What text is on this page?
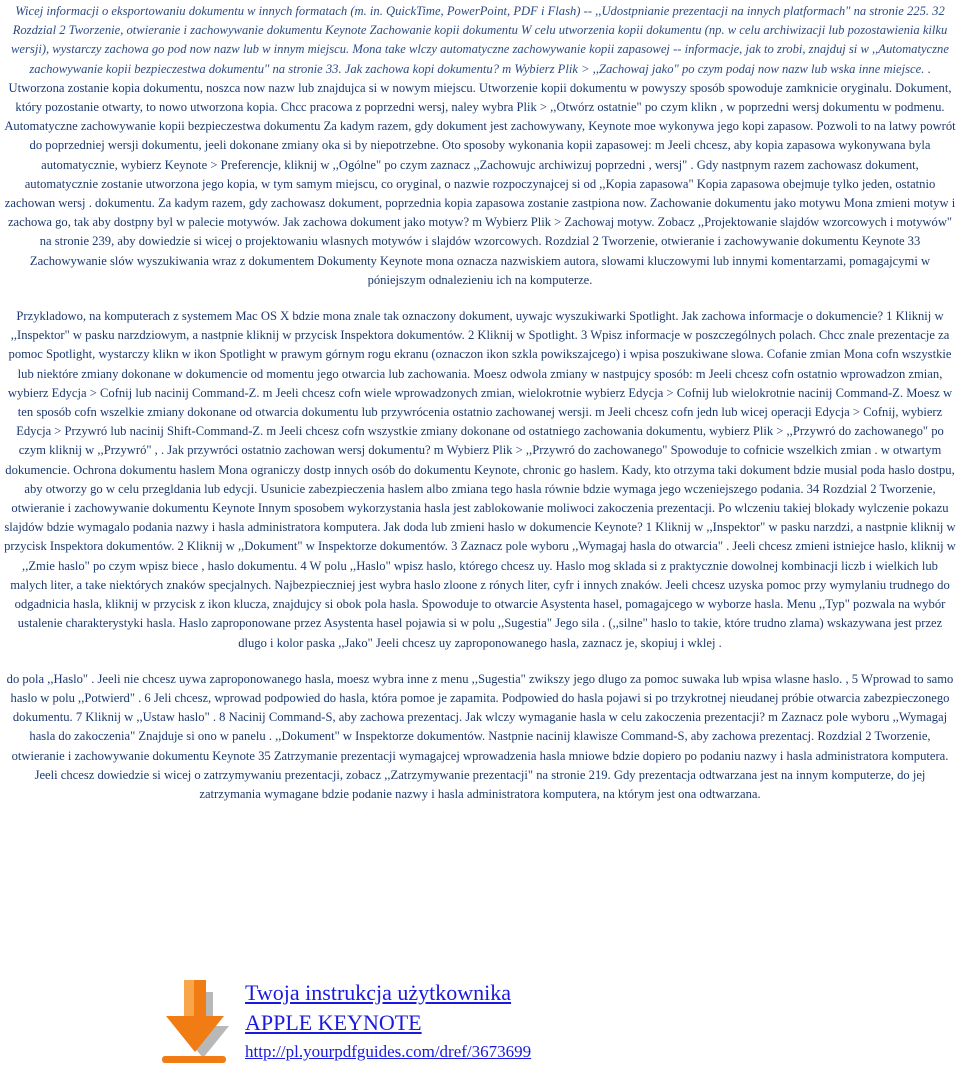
Wicej informacji o eksportowaniu dokumentu w innych formatach (m. in. QuickTime, PowerPoint, PDF i Flash) -- ,,Udostpnianie prezentacji na innych platformach" na stronie 225. 32 Rozdzial 2 Tworzenie, otwieranie i zachowywanie dokumentu Keynote Zachowanie kopii dokumentu W celu utworzenia kopii dokumentu (np. w celu archiwizacji lub pozostawienia kilku wersji), wystarczy zachowa go pod now nazw lub w innym miejscu. Mona take wlczy automatyczne zachowywanie kopii zapasowej -- informacje, jak to zrobi, znajduj si w ,,Automatyczne zachowywanie kopii bezpieczestwa dokumentu" na stronie 33. Jak zachowa kopi dokumentu? m Wybierz Plik > ,,Zachowaj jako" po czym podaj now nazw lub wska inne miejsce. . Utworzona zostanie kopia dokumentu, noszca now nazw lub znajdujca si w nowym miejscu. Utworzenie kopii dokumentu w powyszy sposób spowoduje zamknicie oryginalu. Dokument, który pozostanie otwarty, to nowo utworzona kopia. Chcc pracowa z poprzedni wersj, naley wybra Plik > ,,Otwórz ostatnie" po czym klikn , w poprzedni wersj dokumentu w podmenu. Automatyczne zachowywanie kopii bezpieczestwa dokumentu Za kadym razem, gdy dokument jest zachowywany, Keynote moe wykonywa jego kopi zapasow. Pozwoli to na latwy powrót do poprzedniej wersji dokumentu, jeeli dokonane zmiany oka si by niepotrzebne. Oto sposoby wykonania kopii zapasowej: m Jeeli chcesz, aby kopia zapasowa wykonywana byla automatycznie, wybierz Keynote > Preferencje, kliknij w ,,Ogólne" po czym zaznacz ,,Zachowujc archiwizuj poprzedni , wersj" . Gdy nastpnym razem zachowasz dokument, automatycznie zostanie utworzona jego kopia, w tym samym miejscu, co oryginal, o nazwie rozpoczynajcej si od ,,Kopia zapasowa" Kopia zapasowa obejmuje tylko jeden, ostatnio zachowan wersj . dokumentu. Za kadym razem, gdy zachowasz dokument, poprzednia kopia zapasowa zostanie zastpiona now. Zachowanie dokumentu jako motywu Mona zmieni motyw i zachowa go, tak aby dostpny byl w palecie motywów. Jak zachowa dokument jako motyw? m Wybierz Plik > Zachowaj motyw. Zobacz ,,Projektowanie slajdów wzorcowych i motywów" na stronie 239, aby dowiedzie si wicej o projektowaniu wlasnych motywów i slajdów wzorcowych. Rozdzial 2 Tworzenie, otwieranie i zachowywanie dokumentu Keynote 33 Zachowywanie slów wyszukiwania wraz z dokumentem Dokumenty Keynote mona oznacza nazwiskiem autora, slowami kluczowymi lub innymi komentarzami, pomagajcymi w póniejszym odnalezieniu ich na komputerze.

Przykladowo, na komputerach z systemem Mac OS X bdzie mona znale tak oznaczony dokument, uywajc wyszukiwarki Spotlight. Jak zachowa informacje o dokumencie? 1 Kliknij w ,,Inspektor" w pasku narzdziowym, a nastpnie kliknij w przycisk Inspektora dokumentów. 2 Kliknij w Spotlight. 3 Wpisz informacje w poszczególnych polach. Chcc znale prezentacje za pomoc Spotlight, wystarczy klikn w ikon Spotlight w prawym górnym rogu ekranu (oznaczon ikon szkla powikszajcego) i wpisa poszukiwane slowa. Cofanie zmian Mona cofn wszystkie lub niektóre zmiany dokonane w dokumencie od momentu jego otwarcia lub zachowania. Moesz odwola zmiany w nastpujcy sposób: m Jeeli chcesz cofn ostatnio wprowadzon zmian, wybierz Edycja > Cofnij lub nacinij Command-Z. m Jeeli chcesz cofn wiele wprowadzonych zmian, wielokrotnie wybierz Edycja > Cofnij lub wielokrotnie nacinij Command-Z. Moesz w ten sposób cofn wszelkie zmiany dokonane od otwarcia dokumentu lub przywrócenia ostatnio zachowanej wersji. m Jeeli chcesz cofn jedn lub wicej operacji Edycja > Cofnij, wybierz Edycja > Przywró lub nacinij Shift-Command-Z. m Jeeli chcesz cofn wszystkie zmiany dokonane od ostatniego zachowania dokumentu, wybierz Plik > ,,Przywró do zachowanego" po czym kliknij w ,,Przywró" , . Jak przywróci ostatnio zachowan wersj dokumentu? m Wybierz Plik > ,,Przywró do zachowanego" Spowoduje to cofnicie wszelkich zmian . w otwartym dokumencie. Ochrona dokumentu haslem Mona ograniczy dostp innych osób do dokumentu Keynote, chronic go haslem. Kady, kto otrzyma taki dokument bdzie musial poda haslo dostpu, aby otworzy go w celu przegldania lub edycji. Usunicie zabezpieczenia haslem albo zmiana tego hasla równie bdzie wymaga jego wczeniejszego podania. 34 Rozdzial 2 Tworzenie, otwieranie i zachowywanie dokumentu Keynote Innym sposobem wykorzystania hasla jest zablokowanie moliwoci zakoczenia prezentacji. Po wlczeniu takiej blokady wylczenie pokazu slajdów bdzie wymagalo podania nazwy i hasla administratora komputera. Jak doda lub zmieni haslo w dokumencie Keynote? 1 Kliknij w ,,Inspektor" w pasku narzdzi, a nastpnie kliknij w przycisk Inspektora dokumentów. 2 Kliknij w ,,Dokument" w Inspektorze dokumentów. 3 Zaznacz pole wyboru ,,Wymagaj hasla do otwarcia" . Jeeli chcesz zmieni istniejce haslo, kliknij w ,,Zmie haslo" po czym wpisz biece , haslo dokumentu. 4 W polu ,,Haslo" wpisz haslo, którego chcesz uy. Haslo mog sklada si z praktycznie dowolnej kombinacji liczb i wielkich lub malych liter, a take niektórych znaków specjalnych. Najbezpieczniej jest wybra haslo zloone z rónych liter, cyfr i innych znaków. Jeeli chcesz uzyska pomoc przy wymylaniu trudnego do odgadnicia hasla, kliknij w przycisk z ikon klucza, znajdujcy si obok pola hasla. Spowoduje to otwarcie Asystenta hasel, pomagajcego w wyborze hasla. Menu ,,Typ" pozwala na wybór ustalenie charakterystyki hasla. Haslo zaproponowane przez Asystenta hasel pojawia si w polu ,,Sugestia" Jego sila . (,,silne" haslo to takie, które trudno zlama) wskazywana jest przez dlugo i kolor paska ,,Jako" Jeeli chcesz uy zaproponowanego hasla, zaznacz je, skopiuj i wklej .

do pola ,,Haslo" . Jeeli nie chcesz uywa zaproponowanego hasla, moesz wybra inne z menu ,,Sugestia" zwikszy jego dlugo za pomoc suwaka lub wpisa wlasne haslo. , 5 Wprowad to samo haslo w polu ,,Potwierd" . 6 Jeli chcesz, wprowad podpowied do hasla, która pomoe je zapamita. Podpowied do hasla pojawi si po trzykrotnej nieudanej próbie otwarcia zabezpieczonego dokumentu. 7 Kliknij w ,,Ustaw haslo" . 8 Nacinij Command-S, aby zachowa prezentacj. Jak wlczy wymaganie hasla w celu zakoczenia prezentacji? m Zaznacz pole wyboru ,,Wymagaj hasla do zakoczenia" Znajduje si ono w panelu . ,,Dokument" w Inspektorze dokumentów. Nastpnie nacinij klawisze Command-S, aby zachowa prezentacj. Rozdzial 2 Tworzenie, otwieranie i zachowywanie dokumentu Keynote 35 Zatrzymanie prezentacji wymagajcej wprowadzenia hasla mniowe bdzie dopiero po podaniu nazwy i hasla administratora komputera. Jeeli chcesz dowiedzie si wicej o zatrzymywaniu prezentacji, zobacz ,,Zatrzymywanie prezentacji" na stronie 219. Gdy prezentacja odtwarzana jest na innym komputerze, do jej zatrzymania wymagane bdzie podanie nazwy i hasla administratora komputera, na którym jest ona odtwarzana.

Twoja instrukcja użytkownika
APPLE KEYNOTE
http://pl.yourpdfguides.com/dref/3673699
